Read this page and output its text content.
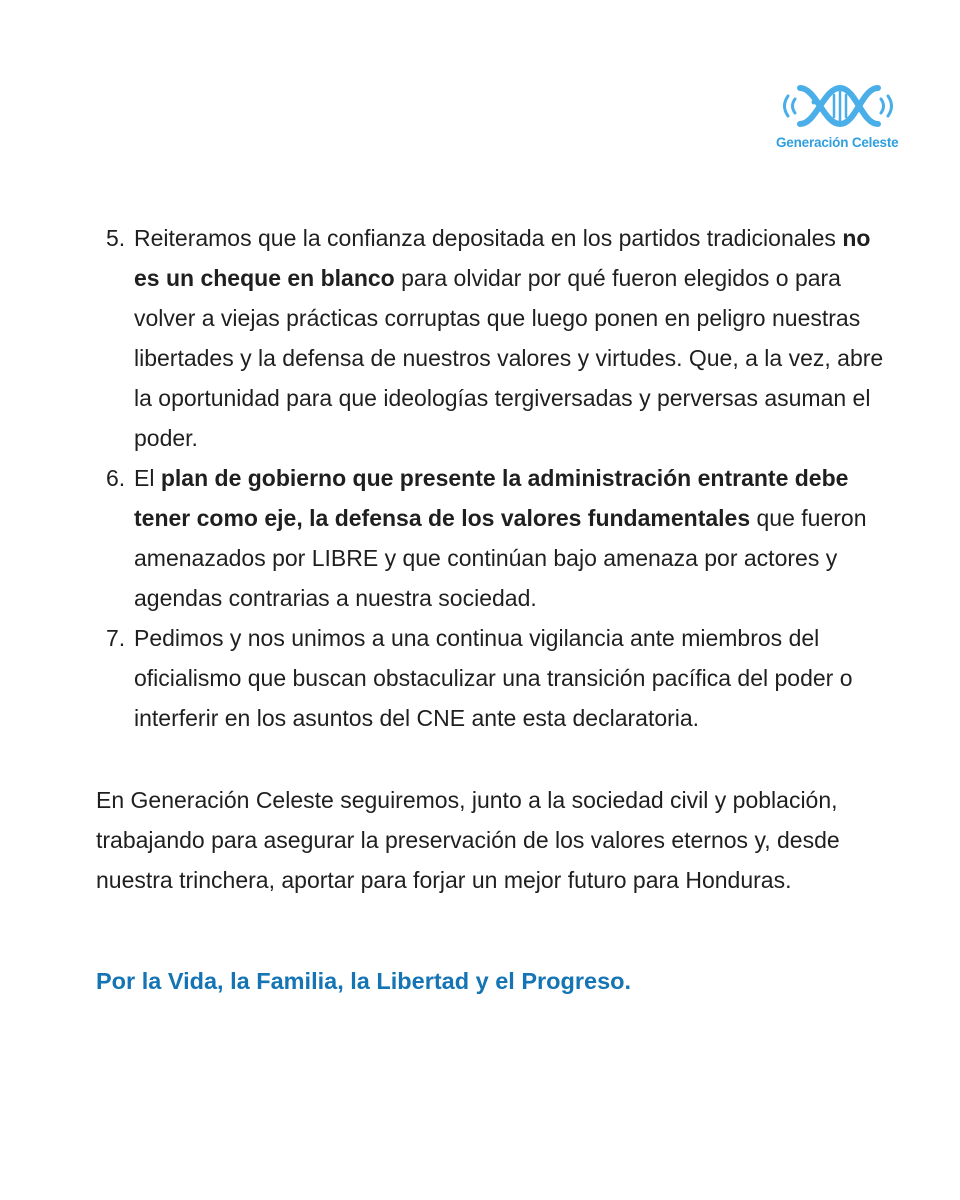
Generación Celeste
5. Reiteramos que la confianza depositada en los partidos tradicionales no es un cheque en blanco para olvidar por qué fueron elegidos o para volver a viejas prácticas corruptas que luego ponen en peligro nuestras libertades y la defensa de nuestros valores y virtudes. Que, a la vez, abre la oportunidad para que ideologías tergiversadas y perversas asuman el poder.
6. El plan de gobierno que presente la administración entrante debe tener como eje, la defensa de los valores fundamentales que fueron amenazados por LIBRE y que continúan bajo amenaza por actores y agendas contrarias a nuestra sociedad.
7. Pedimos y nos unimos a una continua vigilancia ante miembros del oficialismo que buscan obstaculizar una transición pacífica del poder o interferir en los asuntos del CNE ante esta declaratoria.

En Generación Celeste seguiremos, junto a la sociedad civil y población, trabajando para asegurar la preservación de los valores eternos y, desde nuestra trinchera, aportar para forjar un mejor futuro para Honduras.

Por la Vida, la Familia, la Libertad y el Progreso.
